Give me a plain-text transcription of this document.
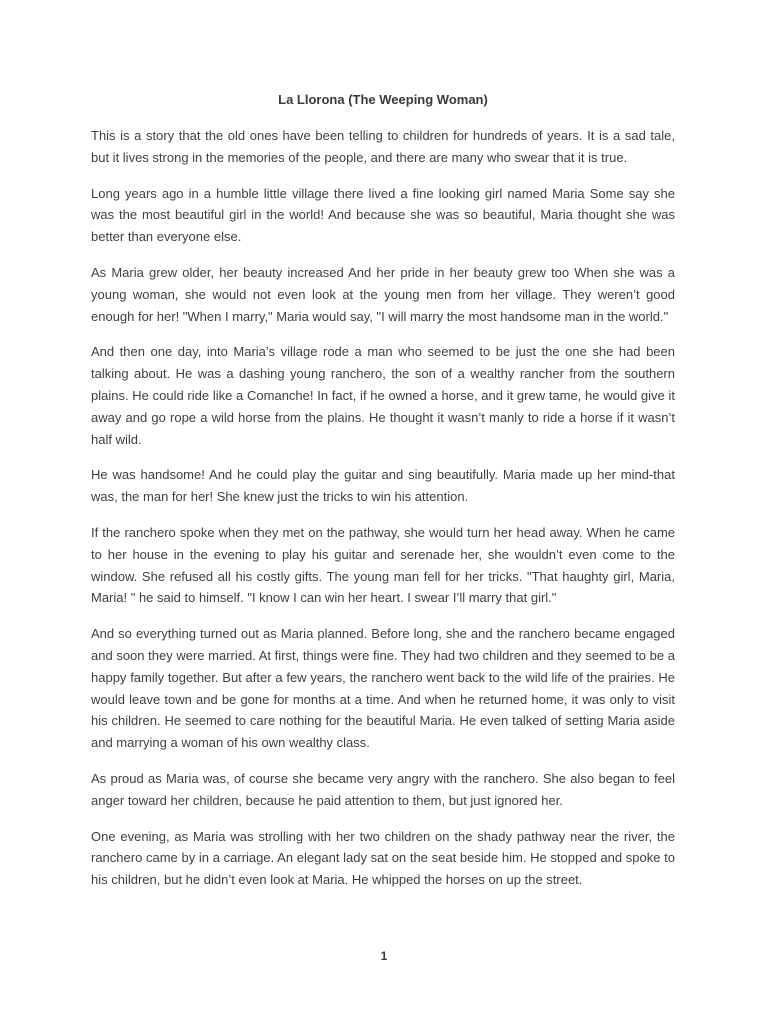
La Llorona (The Weeping Woman)

This is a story that the old ones have been telling to children for hundreds of years. It is a sad tale, but it lives strong in the memories of the people, and there are many who swear that it is true.

Long years ago in a humble little village there lived a fine looking girl named Maria Some say she was the most beautiful girl in the world! And because she was so beautiful, Maria thought she was better than everyone else.

As Maria grew older, her beauty increased And her pride in her beauty grew too When she was a young woman, she would not even look at the young men from her village. They weren’t good enough for her! "When I marry," Maria would say, "I will marry the most handsome man in the world."

And then one day, into Maria’s village rode a man who seemed to be just the one she had been talking about. He was a dashing young ranchero, the son of a wealthy rancher from the southern plains. He could ride like a Comanche! In fact, if he owned a horse, and it grew tame, he would give it away and go rope a wild horse from the plains. He thought it wasn’t manly to ride a horse if it wasn’t half wild.

He was handsome! And he could play the guitar and sing beautifully. Maria made up her mind-that was, the man for her! She knew just the tricks to win his attention.

If the ranchero spoke when they met on the pathway, she would turn her head away. When he came to her house in the evening to play his guitar and serenade her, she wouldn’t even come to the window. She refused all his costly gifts. The young man fell for her tricks. "That haughty girl, Maria, Maria! " he said to himself. "I know I can win her heart. I swear I’ll marry that girl."

And so everything turned out as Maria planned. Before long, she and the ranchero became engaged and soon they were married. At first, things were fine. They had two children and they seemed to be a happy family together. But after a few years, the ranchero went back to the wild life of the prairies. He would leave town and be gone for months at a time. And when he returned home, it was only to visit his children. He seemed to care nothing for the beautiful Maria. He even talked of setting Maria aside and marrying a woman of his own wealthy class.

As proud as Maria was, of course she became very angry with the ranchero. She also began to feel anger toward her children, because he paid attention to them, but just ignored her.

One evening, as Maria was strolling with her two children on the shady pathway near the river, the ranchero came by in a carriage. An elegant lady sat on the seat beside him. He stopped and spoke to his children, but he didn’t even look at Maria. He whipped the horses on up the street.

1
